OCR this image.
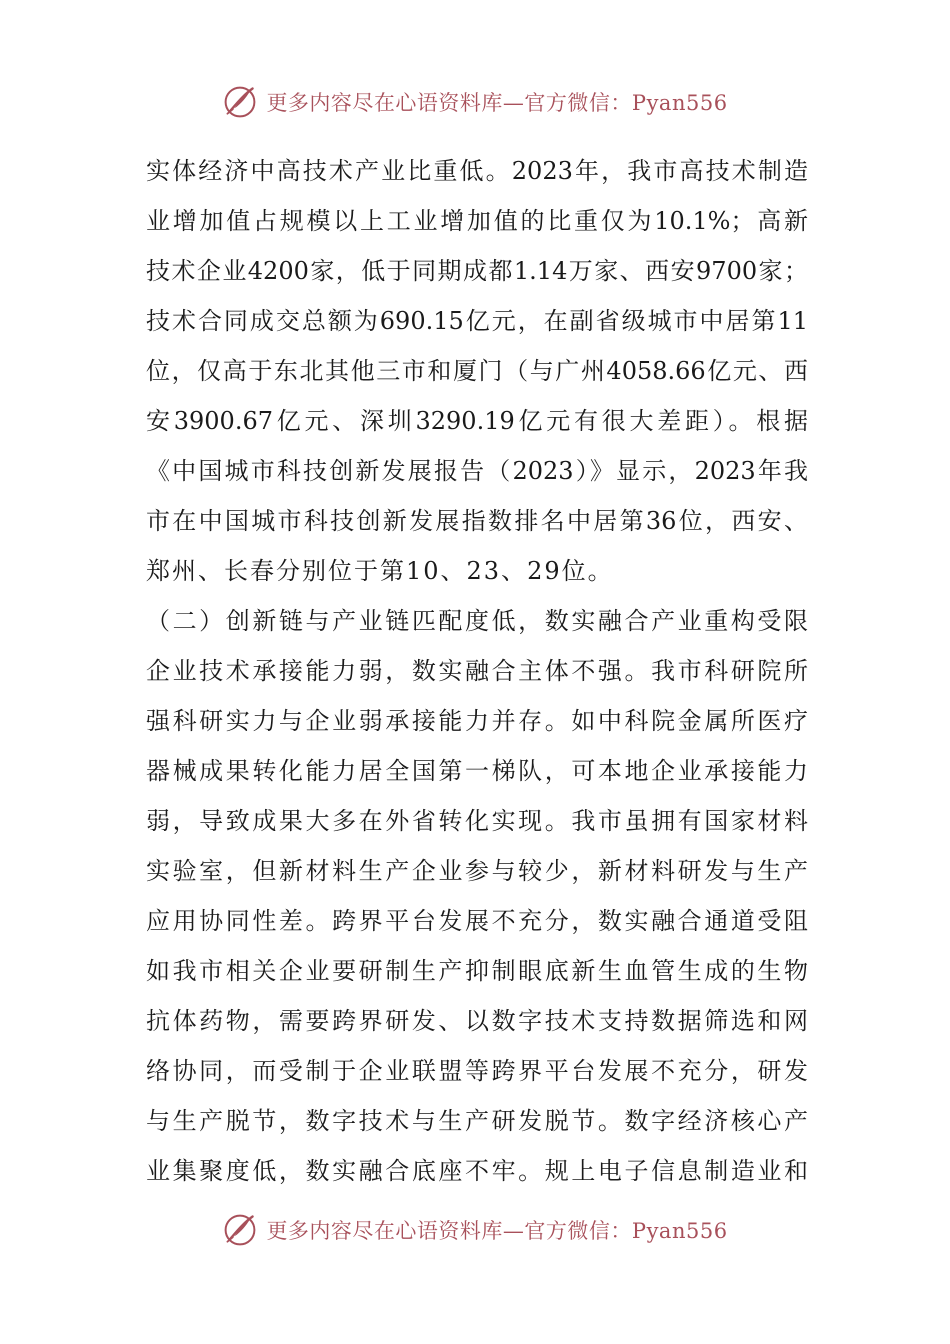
更多内容尽在心语资料库—官方微信：Pyan556
实体经济中高技术产业比重低。2023年，我市高技术制造
业增加值占规模以上工业增加值的比重仅为10.1%；高新
技术企业4200家，低于同期成都1.14万家、西安9700家；
技术合同成交总额为690.15亿元，在副省级城市中居第11
位，仅高于东北其他三市和厦门（与广州4058.66亿元、西
安3900.67亿元、深圳3290.19亿元有很大差距）。根据
《中国城市科技创新发展报告（2023）》显示，2023年我
市在中国城市科技创新发展指数排名中居第36位，西安、
郑州、长春分别位于第10、23、29位。
（二）创新链与产业链匹配度低，数实融合产业重构受限
企业技术承接能力弱，数实融合主体不强。我市科研院所
强科研实力与企业弱承接能力并存。如中科院金属所医疗
器械成果转化能力居全国第一梯队，可本地企业承接能力
弱，导致成果大多在外省转化实现。我市虽拥有国家材料
实验室，但新材料生产企业参与较少，新材料研发与生产
应用协同性差。跨界平台发展不充分，数实融合通道受阻
如我市相关企业要研制生产抑制眼底新生血管生成的生物
抗体药物，需要跨界研发、以数字技术支持数据筛选和网
络协同，而受制于企业联盟等跨界平台发展不充分，研发
与生产脱节，数字技术与生产研发脱节。数字经济核心产
业集聚度低，数实融合底座不牢。规上电子信息制造业和
更多内容尽在心语资料库—官方微信：Pyan556
